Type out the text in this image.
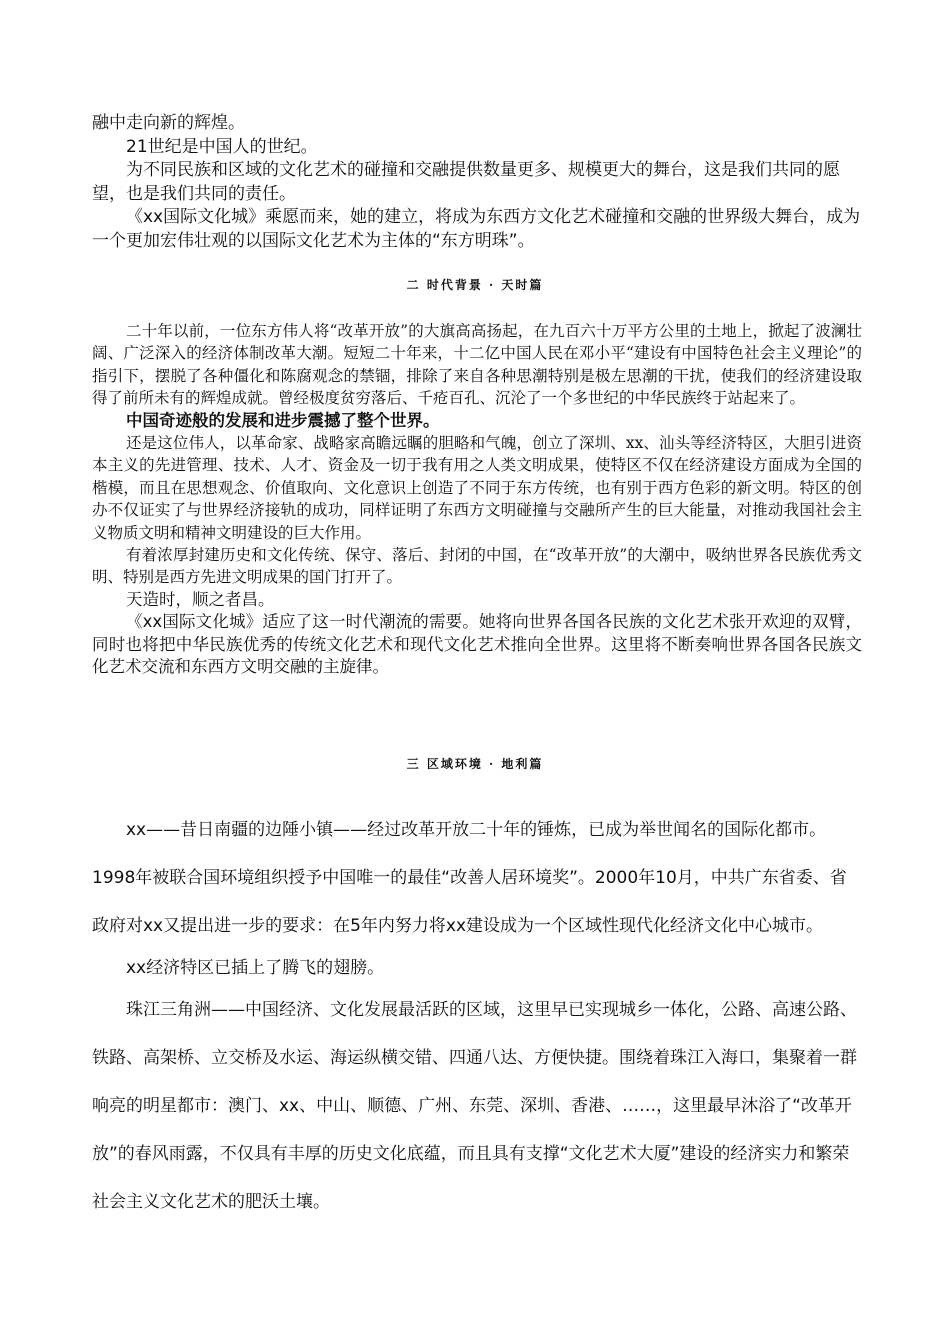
融中走向新的辉煌。

21世纪是中国人的世纪。

为不同民族和区域的文化艺术的碰撞和交融提供数量更多、规模更大的舞台，这是我们共同的愿望，也是我们共同的责任。

《xx国际文化城》乘愿而来，她的建立，将成为东西方文化艺术碰撞和交融的世界级大舞台，成为一个更加宏伟壮观的以国际文化艺术为主体的“东方明珠”。

二 时代背景 · 天时篇

二十年以前，一位东方伟人将“改革开放”的大旗高高扬起，在九百六十万平方公里的土地上，掀起了波澜壮阔、广泛深入的经济体制改革大潮。短短二十年来，十二亿中国人民在邓小平“建设有中国特色社会主义理论”的指引下，摆脱了各种僵化和陈腐观念的禁锢，排除了来自各种思潮特别是极左思潮的干扰，使我们的经济建设取得了前所未有的辉煌成就。曾经极度贫穷落后、千疮百孔、沉沦了一个多世纪的中华民族终于站起来了。

中国奇迹般的发展和进步震撼了整个世界。

还是这位伟人，以革命家、战略家高瞻远瞩的胆略和气魄，创立了深圳、xx、汕头等经济特区，大胆引进资本主义的先进管理、技术、人才、资金及一切于我有用之人类文明成果，使特区不仅在经济建设方面成为全国的楷模，而且在思想观念、价值取向、文化意识上创造了不同于东方传统，也有别于西方色彩的新文明。特区的创办不仅证实了与世界经济接轨的成功，同样证明了东西方文明碰撞与交融所产生的巨大能量，对推动我国社会主义物质文明和精神文明建设的巨大作用。

有着浓厚封建历史和文化传统、保守、落后、封闭的中国，在“改革开放”的大潮中，吸纳世界各民族优秀文明、特别是西方先进文明成果的国门打开了。

天造时，顺之者昌。

《xx国际文化城》适应了这一时代潮流的需要。她将向世界各国各民族的文化艺术张开欢迎的双臂，同时也将把中华民族优秀的传统文化艺术和现代文化艺术推向全世界。这里将不断奏响世界各国各民族文化艺术交流和东西方文明交融的主旋律。

三 区域环境 · 地利篇

xx——昔日南疆的边陲小镇——经过改革开放二十年的锤炼，已成为举世闻名的国际化都市。1998年被联合国环境组织授予中国唯一的最佳“改善人居环境奖”。2000年10月，中共广东省委、省政府对xx又提出进一步的要求：在5年内努力将xx建设成为一个区域性现代化经济文化中心城市。

xx经济特区已插上了腾飞的翅膀。

珠江三角洲——中国经济、文化发展最活跃的区域，这里早已实现城乡一体化，公路、高速公路、铁路、高架桥、立交桥及水运、海运纵横交错、四通八达、方便快捷。围绕着珠江入海口，集聚着一群响亮的明星都市：澳门、xx、中山、顺德、广州、东莞、深圳、香港、……，这里最早沐浴了“改革开放”的春风雨露，不仅具有丰厚的历史文化底蕴，而且具有支撑“文化艺术大厦”建设的经济实力和繁荣社会主义文化艺术的肥沃土壤。
